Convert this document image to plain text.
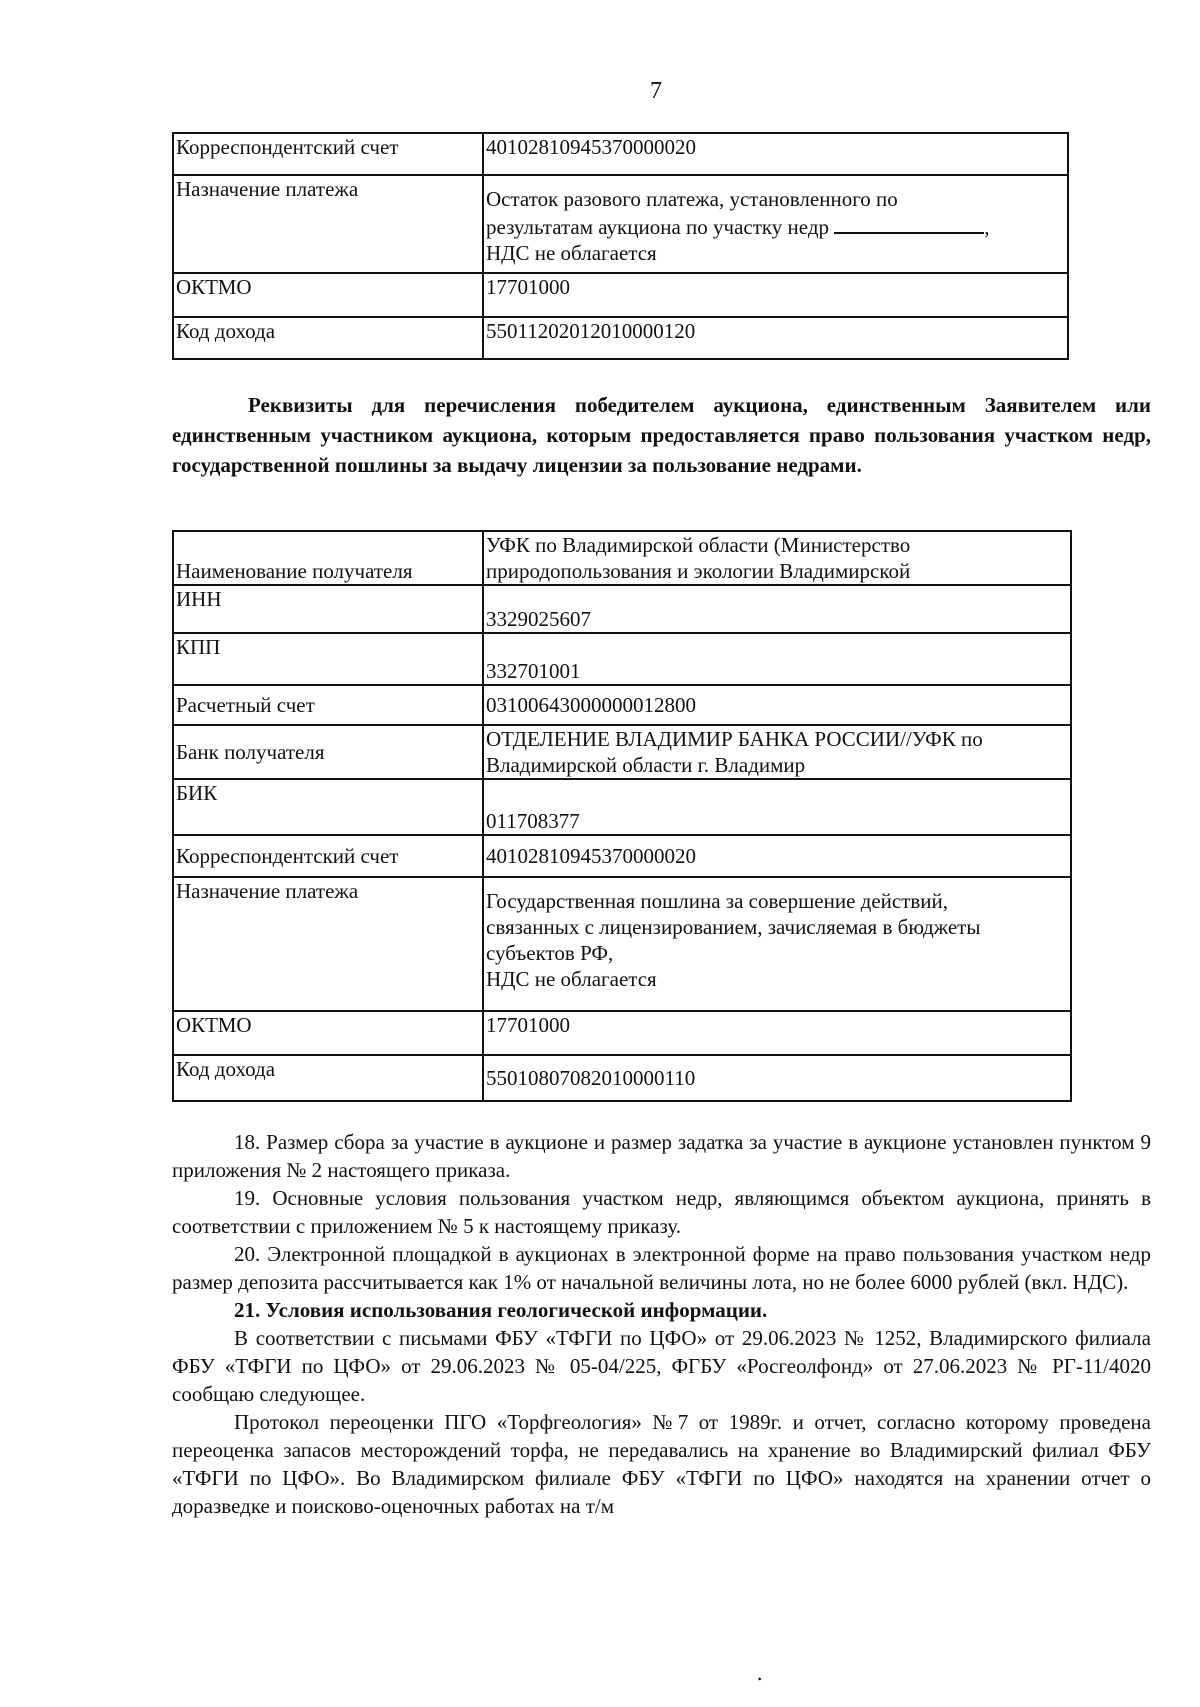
7
Корреспондентский счет	40102810945370000020
Назначение платежа	Остаток разового платежа, установленного по
результатам аукциона по участку недр ,
НДС не облагается

ОКТМО	17701000
Код дохода	55011202012010000120

Реквизиты для перечисления победителем аукциона, единственным Заявителем или единственным участником аукциона, которым предоставляется право пользования участком недр, государственной пошлины за выдачу лицензии за пользование недрами.

Наименование получателя	УФК по Владимирской области (Министерство
природопользования и экологии Владимирской

ИНН	3329025607
КПП	332701001
Расчетный счет	03100643000000012800
Банк получателя	ОТДЕЛЕНИЕ ВЛАДИМИР БАНКА РОССИИ//УФК по
Владимирской области г. Владимир

БИК	011708377
Корреспондентский счет	40102810945370000020
Назначение платежа	Государственная пошлина за совершение действий,
связанных с лицензированием, зачисляемая в бюджеты
субъектов РФ,
НДС не облагается

ОКТМО	17701000
Код дохода	55010807082010000110

18. Размер сбора за участие в аукционе и размер задатка за участие в аукционе установлен пунктом 9 приложения № 2 настоящего приказа.

19. Основные условия пользования участком недр, являющимся объектом аукциона, принять в соответствии с приложением № 5 к настоящему приказу.

20. Электронной площадкой в аукционах в электронной форме на право пользования участком недр размер депозита рассчитывается как 1% от начальной величины лота, но не более 6000 рублей (вкл. НДС).

21. Условия использования геологической информации.

В соответствии с письмами ФБУ «ТФГИ по ЦФО» от 29.06.2023 № 1252, Владимирского филиала ФБУ «ТФГИ по ЦФО» от 29.06.2023 № 05-04/225, ФГБУ «Росгеолфонд» от 27.06.2023 № РГ-11/4020 сообщаю следующее.

Протокол переоценки ПГО «Торфгеология» №7 от 1989г. и отчет, согласно которому проведена переоценка запасов месторождений торфа, не передавались на хранение во Владимирский филиал ФБУ «ТФГИ по ЦФО». Во Владимирском филиале ФБУ «ТФГИ по ЦФО» находятся на хранении отчет о доразведке и поисково-оценочных работах на т/м

⸳
